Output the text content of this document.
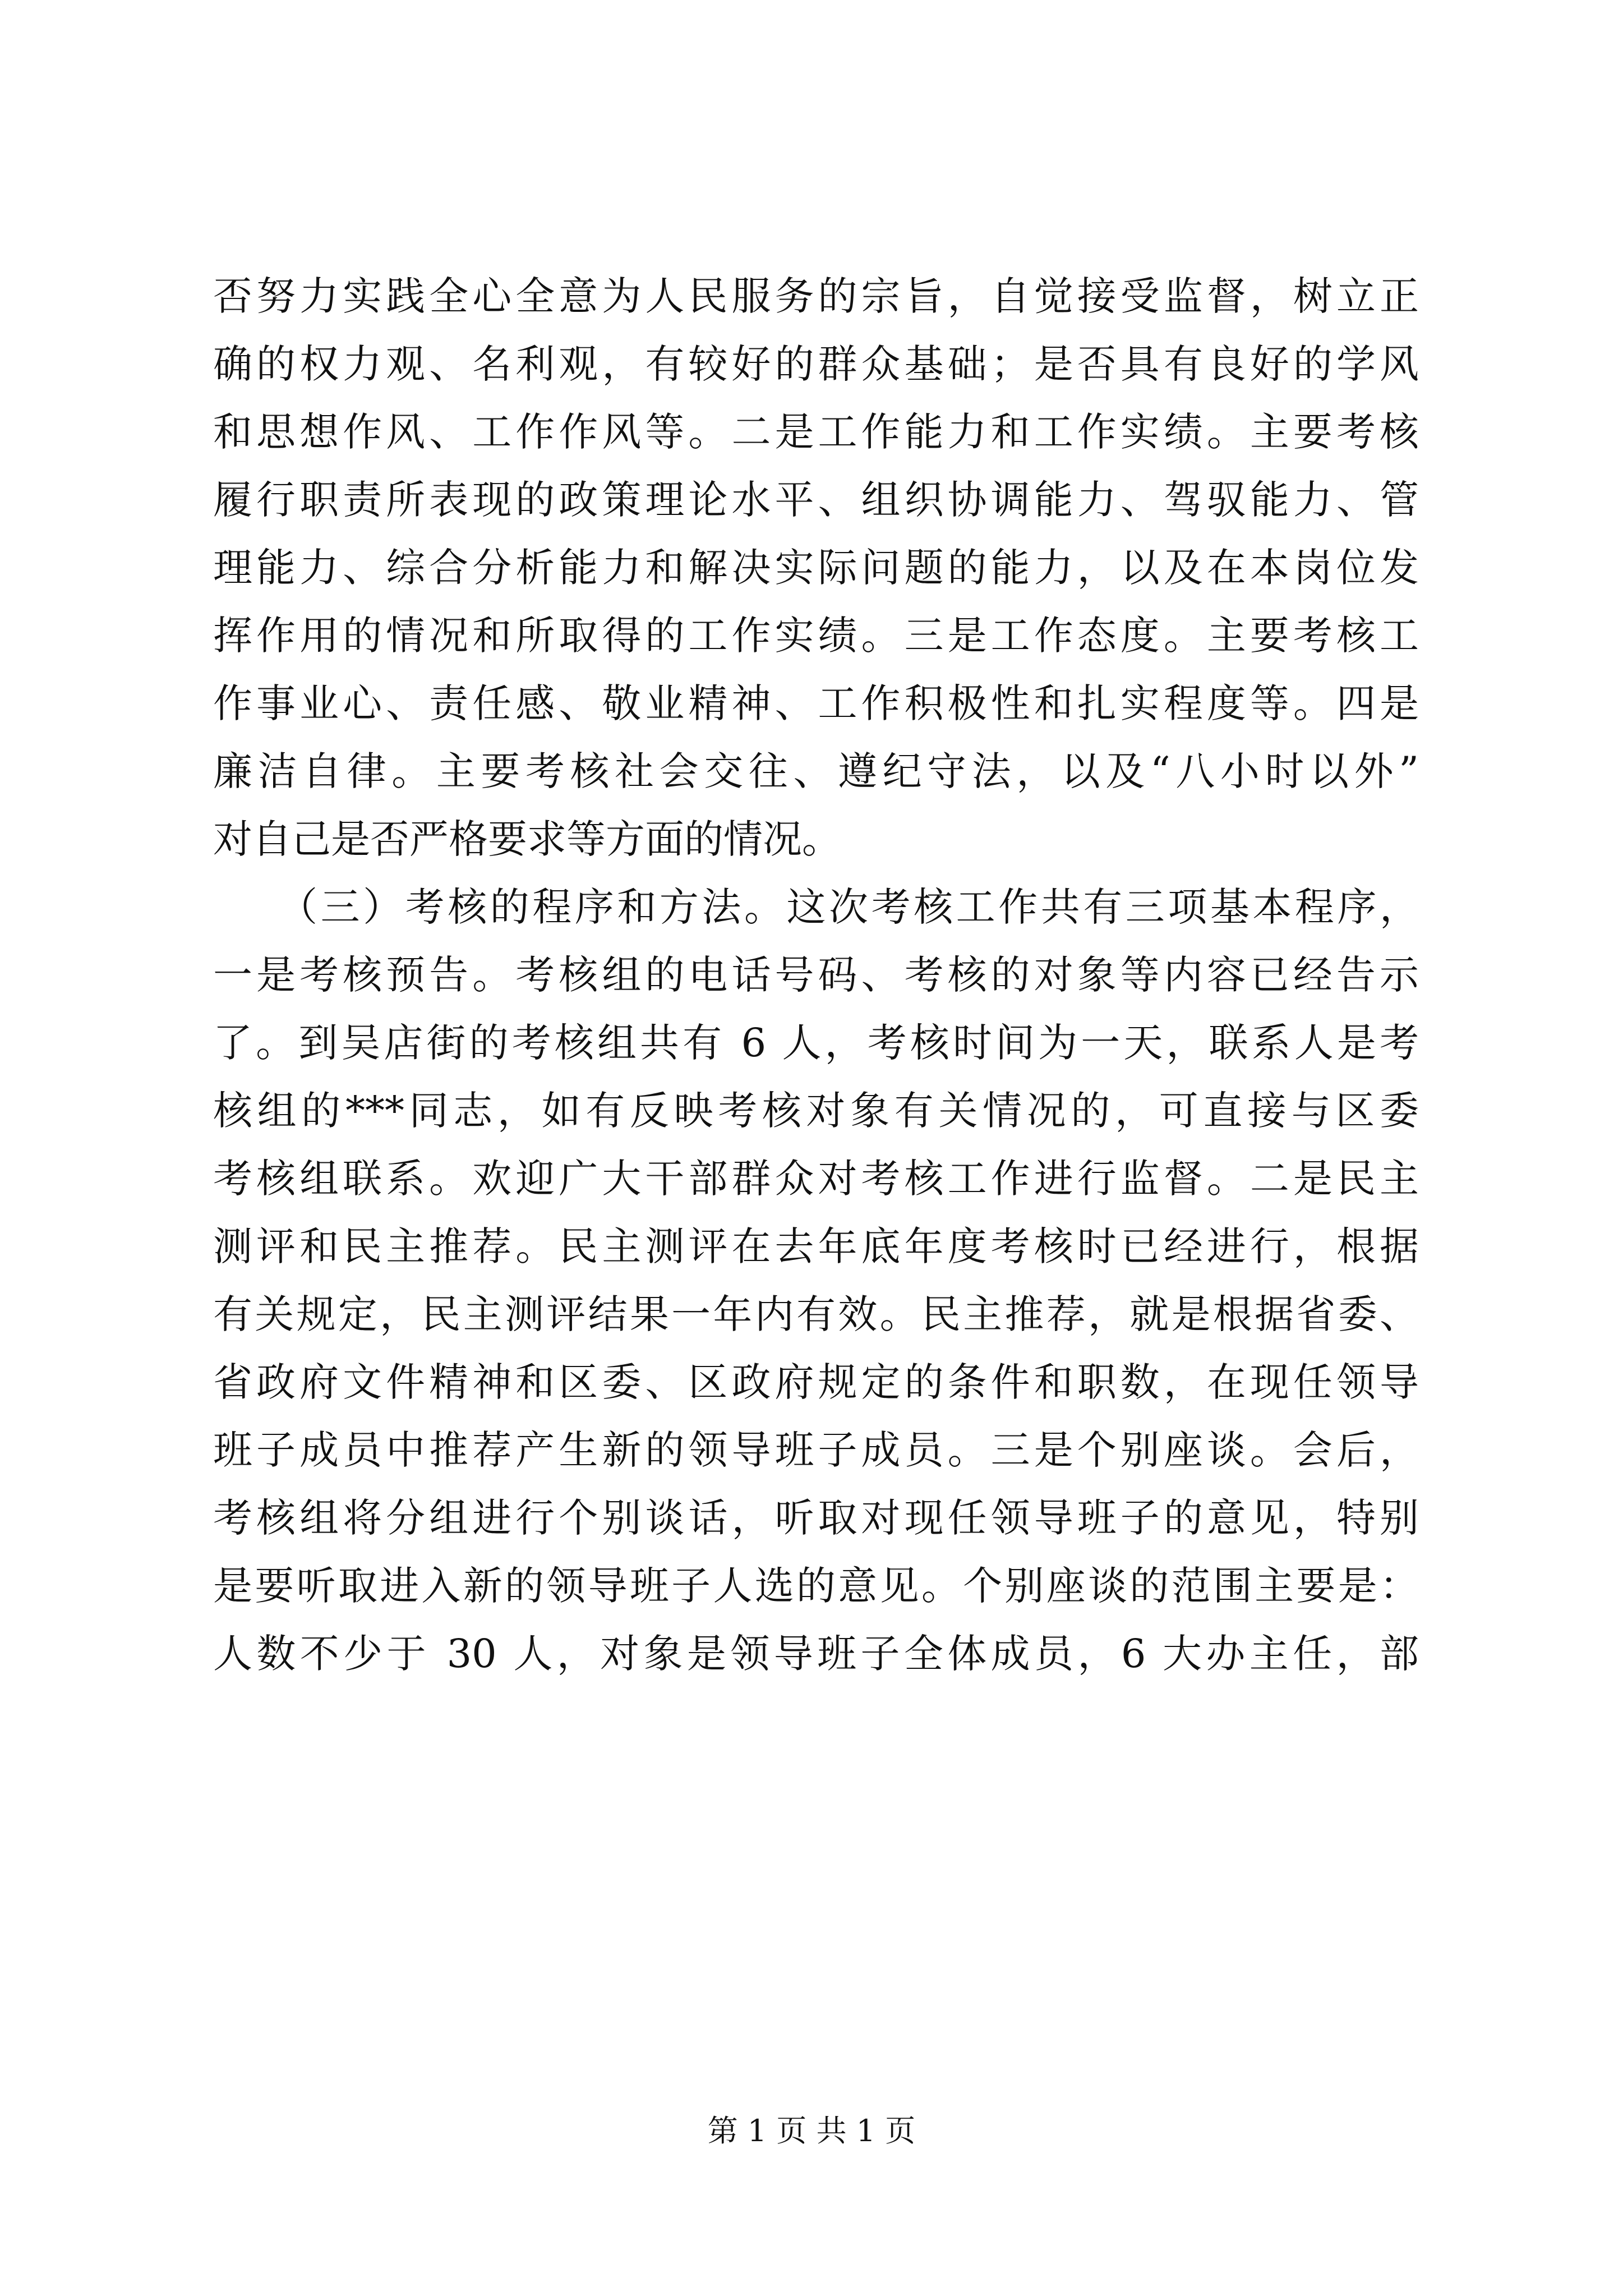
否努力实践全心全意为人民服务的宗旨，自觉接受监督，树立正
确的权力观、名利观，有较好的群众基础；是否具有良好的学风
和思想作风、工作作风等。二是工作能力和工作实绩。主要考核
履行职责所表现的政策理论水平、组织协调能力、驾驭能力、管
理能力、综合分析能力和解决实际问题的能力，以及在本岗位发
挥作用的情况和所取得的工作实绩。三是工作态度。主要考核工
作事业心、责任感、敬业精神、工作积极性和扎实程度等。四是
廉洁自律。主要考核社会交往、遵纪守法，以及“八小时以外”
对自己是否严格要求等方面的情况。
　　（三）考核的程序和方法。这次考核工作共有三项基本程序，
一是考核预告。考核组的电话号码、考核的对象等内容已经告示
了。到吴店街的考核组共有 6 人，考核时间为一天，联系人是考
核组的***同志，如有反映考核对象有关情况的，可直接与区委
考核组联系。欢迎广大干部群众对考核工作进行监督。二是民主
测评和民主推荐。民主测评在去年底年度考核时已经进行，根据
有关规定，民主测评结果一年内有效。民主推荐，就是根据省委、
省政府文件精神和区委、区政府规定的条件和职数，在现任领导
班子成员中推荐产生新的领导班子成员。三是个别座谈。会后，
考核组将分组进行个别谈话，听取对现任领导班子的意见，特别
是要听取进入新的领导班子人选的意见。个别座谈的范围主要是：
人数不少于 30 人，对象是领导班子全体成员，6 大办主任，部
第 1 页 共 1 页
